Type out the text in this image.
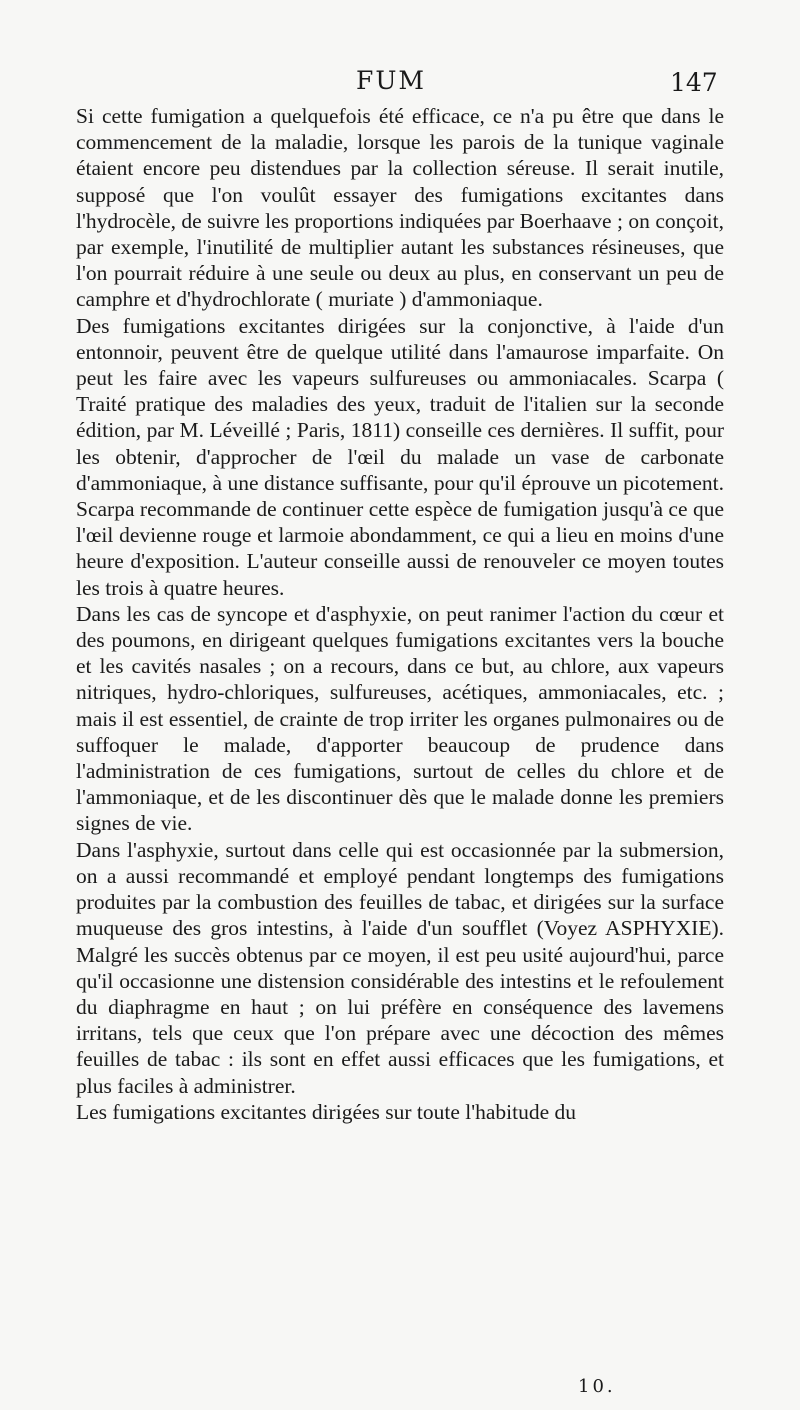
FUM	147

Si cette fumigation a quelquefois été efficace, ce n'a pu être que dans le commencement de la maladie, lorsque les parois de la tunique vaginale étaient encore peu distendues par la collection séreuse. Il serait inutile, supposé que l'on voulût essayer des fumigations excitantes dans l'hydrocèle, de suivre les proportions indiquées par Boerhaave ; on conçoit, par exemple, l'inutilité de multiplier autant les substances résineuses, que l'on pourrait réduire à une seule ou deux au plus, en conservant un peu de camphre et d'hydrochlorate ( muriate ) d'ammoniaque.

Des fumigations excitantes dirigées sur la conjonctive, à l'aide d'un entonnoir, peuvent être de quelque utilité dans l'amaurose imparfaite. On peut les faire avec les vapeurs sulfureuses ou ammoniacales. Scarpa ( Traité pratique des maladies des yeux, traduit de l'italien sur la seconde édition, par M. Léveillé ; Paris, 1811) conseille ces dernières. Il suffit, pour les obtenir, d'approcher de l'œil du malade un vase de carbonate d'ammoniaque, à une distance suffisante, pour qu'il éprouve un picotement. Scarpa recommande de continuer cette espèce de fumigation jusqu'à ce que l'œil devienne rouge et larmoie abondamment, ce qui a lieu en moins d'une heure d'exposition. L'auteur conseille aussi de renouveler ce moyen toutes les trois à quatre heures.

Dans les cas de syncope et d'asphyxie, on peut ranimer l'action du cœur et des poumons, en dirigeant quelques fumigations excitantes vers la bouche et les cavités nasales ; on a recours, dans ce but, au chlore, aux vapeurs nitriques, hydro-chloriques, sulfureuses, acétiques, ammoniacales, etc. ; mais il est essentiel, de crainte de trop irriter les organes pulmonaires ou de suffoquer le malade, d'apporter beaucoup de prudence dans l'administration de ces fumigations, surtout de celles du chlore et de l'ammoniaque, et de les discontinuer dès que le malade donne les premiers signes de vie.

Dans l'asphyxie, surtout dans celle qui est occasionnée par la submersion, on a aussi recommandé et employé pendant longtemps des fumigations produites par la combustion des feuilles de tabac, et dirigées sur la surface muqueuse des gros intestins, à l'aide d'un soufflet (Voyez ASPHYXIE). Malgré les succès obtenus par ce moyen, il est peu usité aujourd'hui, parce qu'il occasionne une distension considérable des intestins et le refoulement du diaphragme en haut ; on lui préfère en conséquence des lavemens irritans, tels que ceux que l'on prépare avec une décoction des mêmes feuilles de tabac : ils sont en effet aussi efficaces que les fumigations, et plus faciles à administrer.

Les fumigations excitantes dirigées sur toute l'habitude du

10.
